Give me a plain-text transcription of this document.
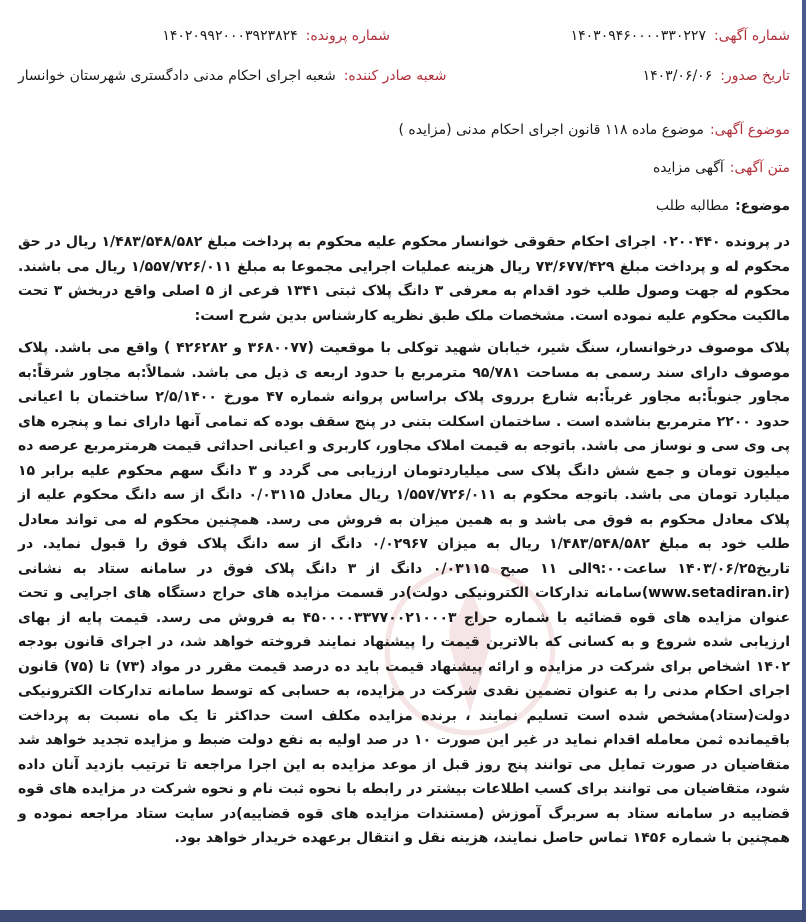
شماره آگهی:
۱۴۰۳۰۹۴۶۰۰۰۰۳۳۰۲۲۷
شماره پرونده:
۱۴۰۲۰۹۹۲۰۰۰۳۹۲۳۸۲۴
تاریخ صدور:
۱۴۰۳/۰۶/۰۶
شعبه صادر کننده:
شعبه اجرای احکام مدنی دادگستری شهرستان خوانسار
موضوع آگهی:
موضوع ماده ۱۱۸ قانون اجرای احکام مدنی (مزایده )
متن آگهی:
آگهی مزایده
موضوع:
مطالبه طلب

در پرونده ۰۲۰۰۴۴۰ اجرای احکام حقوقی خوانسار محکوم علیه محکوم به پرداخت مبلغ ۱/۴۸۳/۵۴۸/۵۸۲ ریال در حق محکوم له و پرداخت مبلغ ۷۳/۶۷۷/۴۲۹ ریال هزینه عملیات اجرایی مجموعا به مبلغ ۱/۵۵۷/۷۲۶/۰۱۱ ریال می باشند. محکوم له جهت وصول طلب خود اقدام به معرفی ۳ دانگ پلاک ثبتی ۱۳۴۱ فرعی از ۵ اصلی واقع دربخش ۳ تحت مالکیت محکوم علیه نموده است. مشخصات ملک طبق نظریه کارشناس بدین شرح است:

پلاک موصوف درخوانسار، سنگ شیر، خیابان شهید توکلی با موقعیت (۳۶۸۰۰۷۷ و ۴۲۶۲۸۲ ) واقع می باشد. پلاک موصوف دارای سند رسمی به مساحت ۹۵/۷۸۱ مترمربع با حدود اربعه ی ذیل می باشد. شمالاً:به مجاور شرقاً:به مجاور جنوباً:به مجاور غرباً:به شارع برروی پلاک براساس پروانه شماره ۴۷ مورخ ۲/۵/۱۴۰۰ ساختمان با اعیانی حدود ۲۲۰۰ مترمربع بناشده است . ساختمان اسکلت بتنی در پنج سقف بوده که تمامی آنها دارای نما و پنجره های پی وی سی و نوساز می باشد. باتوجه به قیمت املاک مجاور، کاربری و اعیانی احداثی قیمت هرمترمربع عرصه ده میلیون تومان و جمع شش دانگ پلاک سی میلیاردتومان ارزیابی می گردد و ۳ دانگ سهم محکوم علیه برابر ۱۵ میلیارد تومان می باشد. باتوجه محکوم به ۱/۵۵۷/۷۲۶/۰۱۱ ریال معادل ۰/۰۳۱۱۵ دانگ از سه دانگ محکوم علیه از پلاک معادل محکوم به فوق می باشد و به همین میزان به فروش می رسد. همچنین محکوم له می تواند معادل طلب خود به مبلغ ۱/۴۸۳/۵۴۸/۵۸۲ ریال به میزان ۰/۰۲۹۶۷ دانگ از سه دانگ پلاک فوق را قبول نماید. در تاریخ۱۴۰۳/۰۶/۲۵ ساعت۹:۰۰الی ۱۱ صبح ۰/۰۳۱۱۵ دانگ از ۳ دانگ پلاک فوق در سامانه ستاد به نشانی (www.setadiran.ir)سامانه تدارکات الکترونیکی دولت)در قسمت مزایده های حراج دستگاه های اجرایی و تحت عنوان مزایده های قوه قضائیه با شماره حراج ۴۵۰۰۰۰۳۳۷۷۰۰۲۱۰۰۰۳ به فروش می رسد. قیمت پایه از بهای ارزیابی شده شروع و به کسانی که بالاترین قیمت را پیشنهاد نمایند فروخته خواهد شد، در اجرای قانون بودجه ۱۴۰۲ اشخاص برای شرکت در مزایده و ارائه پیشنهاد قیمت باید ده درصد قیمت مقرر در مواد (۷۳) تا (۷۵) قانون اجرای احکام مدنی را به عنوان تضمین نقدی شرکت در مزایده، به حسابی که توسط سامانه تدارکات الکترونیکی دولت(ستاد)مشخص شده است تسلیم نمایند ، برنده مزایده مکلف است حداکثر تا یک ماه نسبت به پرداخت باقیمانده ثمن معامله اقدام نماید در غیر این صورت ۱۰ در صد اولیه به نفع دولت ضبط و مزایده تجدید خواهد شد متقاضیان در صورت تمایل می توانند پنج روز قبل از موعد مزایده به این اجرا مراجعه تا ترتیب بازدید آنان داده شود، متقاضیان می توانند برای کسب اطلاعات بیشتر در رابطه با نحوه ثبت نام و نحوه شرکت در مزایده های قوه قضاییه در سامانه ستاد به سربرگ آموزش (مستندات مزایده های قوه قضاییه)در سایت ستاد مراجعه نموده و همچنین با شماره ۱۴۵۶ تماس حاصل نمایند، هزینه نقل و انتقال برعهده خریدار خواهد بود.
